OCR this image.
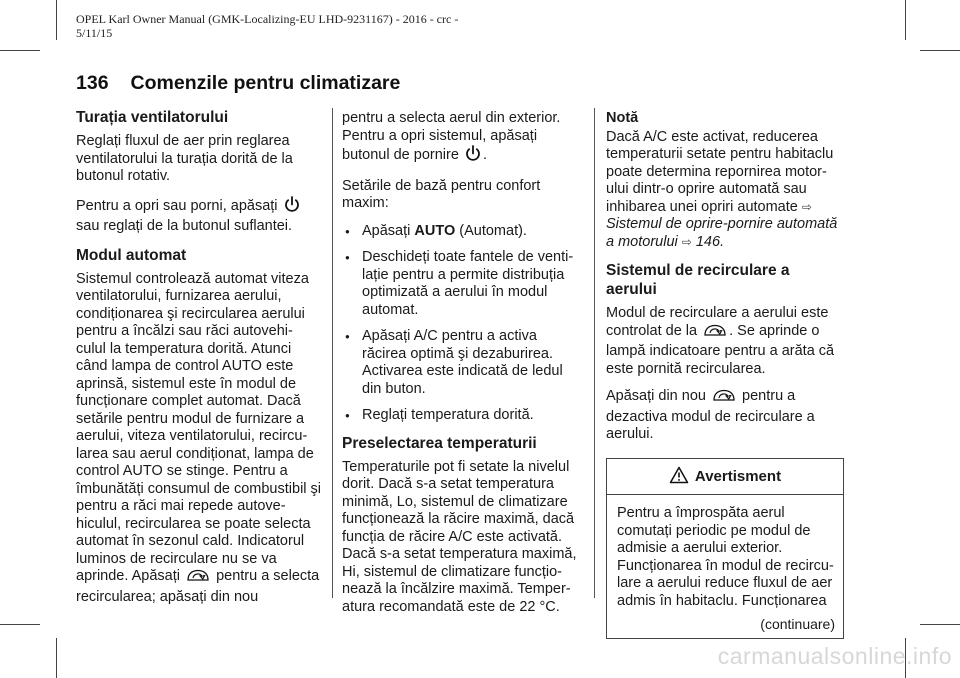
OPEL Karl Owner Manual (GMK-Localizing-EU LHD-9231167) - 2016 - crc -
5/11/15
136 Comenzile pentru climatizare
Turația ventilatorului

Reglați fluxul de aer prin reglarea ventilatorului la turația dorită de la butonul rotativ.

Pentru a opri sau porni, apăsați
sau reglați de la butonul suflantei.

Modul automat

Sistemul controlează automat viteza ventilatorului, furnizarea aerului, condiționarea şi recircularea aerului pentru a încălzi sau răci autovehi-culul la temperatura dorită. Atunci când lampa de control AUTO este aprinsă, sistemul este în modul de funcționare complet automat. Dacă setările pentru modul de furnizare a aerului, viteza ventilatorului, recircu-larea sau aerul condiționat, lampa de control AUTO se stinge. Pentru a îmbunătăți consumul de combustibil şi pentru a răci mai repede autove-hiculul, recircularea se poate selecta automat în sezonul cald. Indicatorul luminos de recirculare nu se va aprinde. Apăsați pentru a selecta recircularea; apăsați din nou

pentru a selecta aerul din exterior. Pentru a opri sistemul, apăsați butonul de pornire .

Setările de bază pentru confort maxim:

● Apăsați AUTO (Automat).
● Deschideți toate fantele de venti-lație pentru a permite distribuția optimizată a aerului în modul automat.
● Apăsați A/C pentru a activa răcirea optimă şi dezaburirea. Activarea este indicată de ledul din buton.
● Reglați temperatura dorită.
Preselectarea temperaturii

Temperaturile pot fi setate la nivelul dorit. Dacă s-a setat temperatura minimă, Lo, sistemul de climatizare funcționează la răcire maximă, dacă funcția de răcire A/C este activată. Dacă s-a setat temperatura maximă, Hi, sistemul de climatizare funcțio-nează la încălzire maximă. Temper-atura recomandată este de 22 °C.

Notă

Dacă A/C este activat, reducerea temperaturii setate pentru habitaclu poate determina repornirea motor-ului dintr-o oprire automată sau inhibarea unei opriri automate ⇨ Sistemul de oprire-pornire automată a motorului ⇨ 146.

Sistemul de recirculare a aerului

Modul de recirculare a aerului este controlat de la . Se aprinde o lampă indicatoare pentru a arăta că este pornită recircularea.

Apăsați din nou pentru a dezactiva modul de recirculare a aerului.

Avertisment
Pentru a împrospăta aerul comutați periodic pe modul de admisie a aerului exterior. Funcționarea în modul de recircu-lare a aerului reduce fluxul de aer admis în habitaclu. Funcționarea
(continuare)
carmanualsonline.info
